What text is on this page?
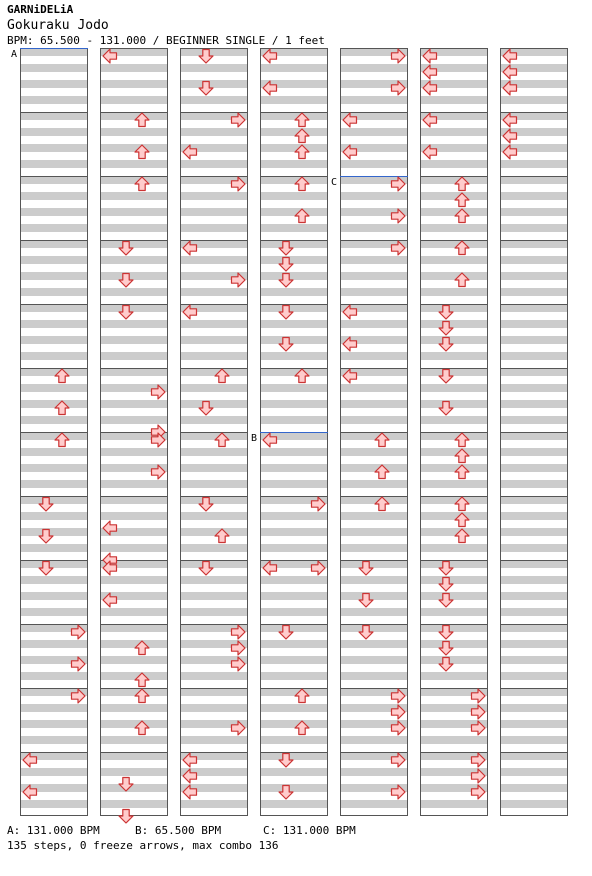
GARNiDELiA
Gokuraku Jodo
BPM: 65.500 - 131.000 / BEGINNER SINGLE / 1 feet
A
B
C

A: 131.000 BPM

	B: 65.500 BPM

	C: 131.000 BPM

135 steps, 0 freeze arrows, max combo 136
